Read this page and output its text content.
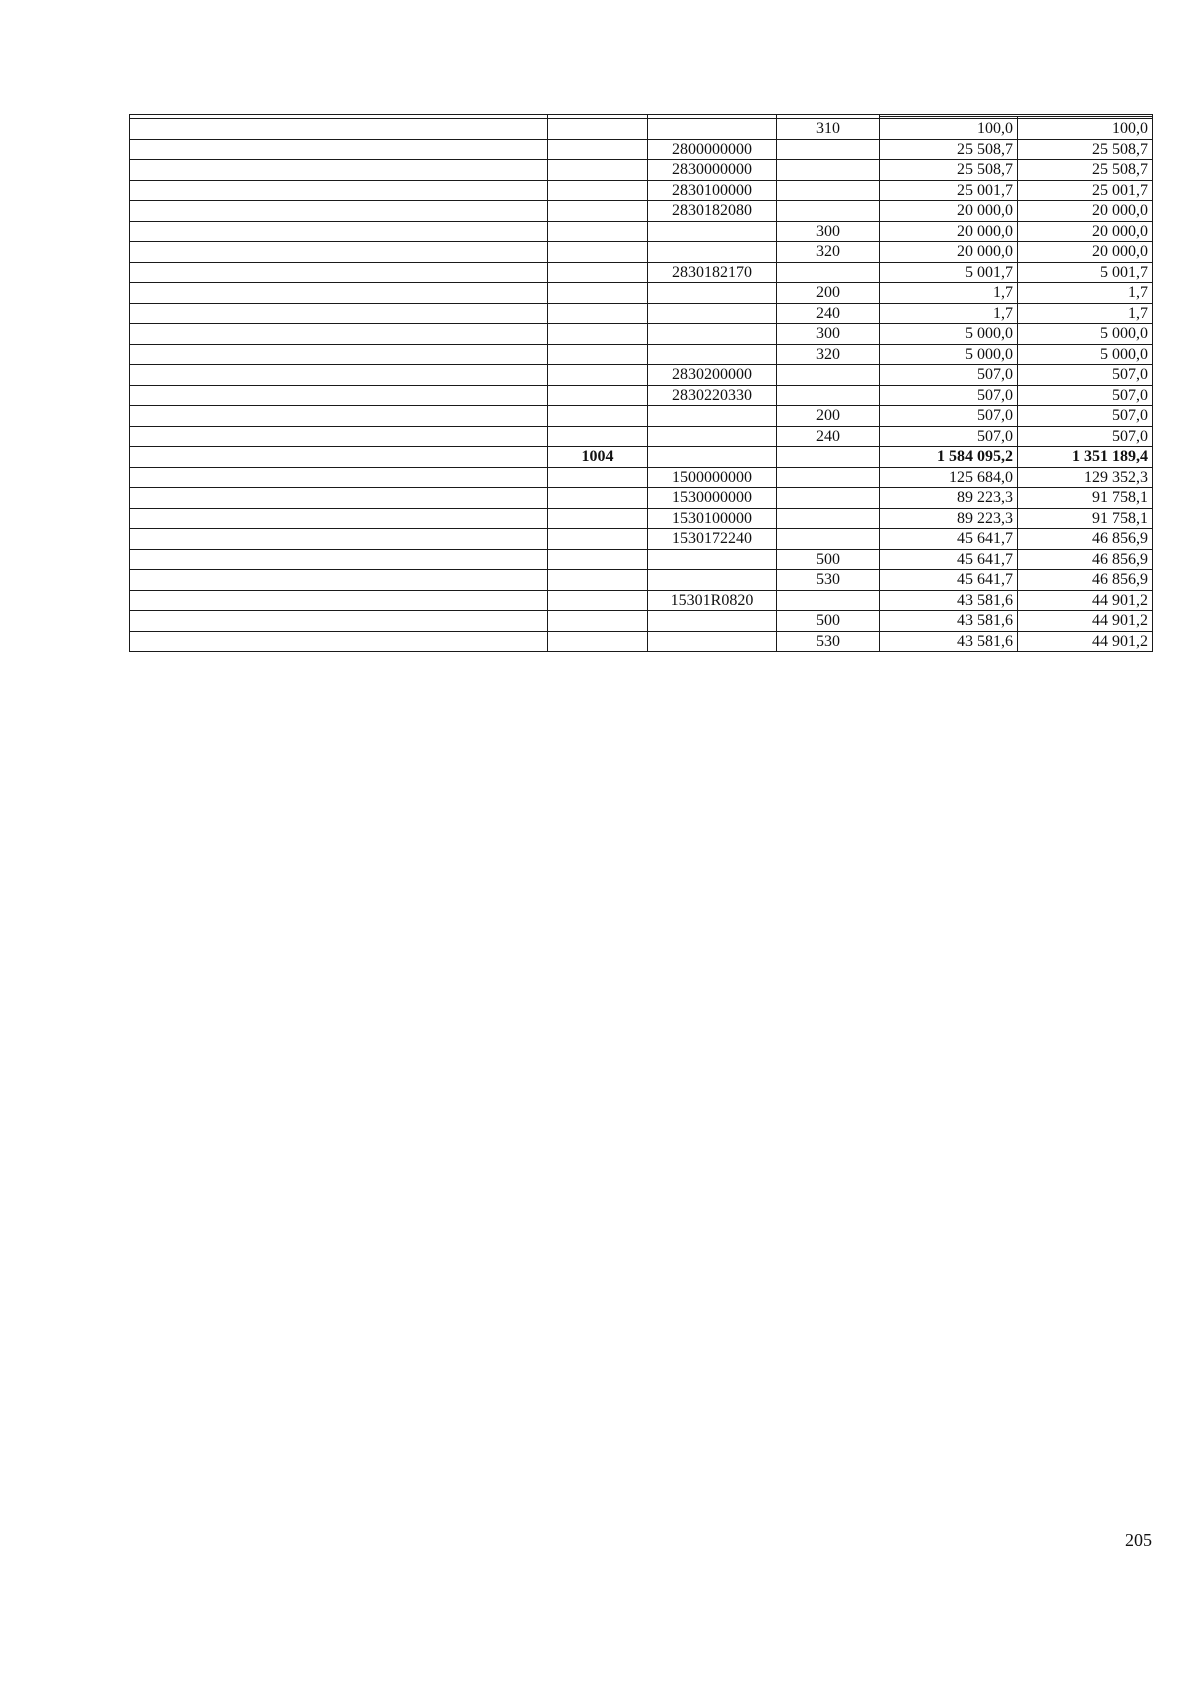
			310	100,0	100,0
		2800000000		25 508,7	25 508,7
		2830000000		25 508,7	25 508,7
		2830100000		25 001,7	25 001,7
		2830182080		20 000,0	20 000,0
			300	20 000,0	20 000,0
			320	20 000,0	20 000,0
		2830182170		5 001,7	5 001,7
			200	1,7	1,7
			240	1,7	1,7
			300	5 000,0	5 000,0
			320	5 000,0	5 000,0
		2830200000		507,0	507,0
		2830220330		507,0	507,0
			200	507,0	507,0
			240	507,0	507,0
	1004			1 584 095,2	1 351 189,4
		1500000000		125 684,0	129 352,3
		1530000000		89 223,3	91 758,1
		1530100000		89 223,3	91 758,1
		1530172240		45 641,7	46 856,9
			500	45 641,7	46 856,9
			530	45 641,7	46 856,9
		15301R0820		43 581,6	44 901,2
			500	43 581,6	44 901,2
			530	43 581,6	44 901,2
205
